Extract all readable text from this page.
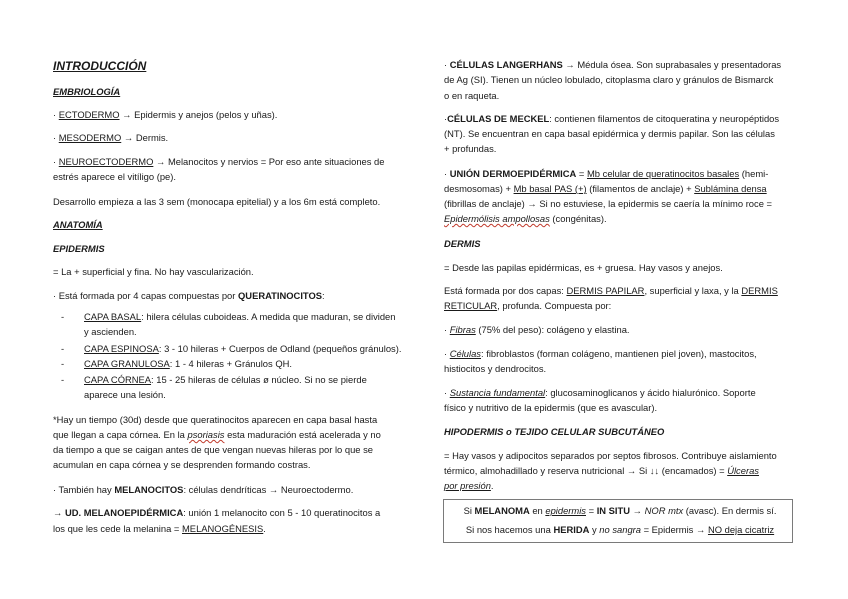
INTRODUCCIÓN
EMBRIOLOGÍA
· ECTODERMO → Epidermis y anejos (pelos y uñas).
· MESODERMO → Dermis.
· NEUROECTODERMO → Melanocitos y nervios = Por eso ante situaciones de
estrés aparece el vitíligo (pe).
Desarrollo empieza a las 3 sem (monocapa epitelial) y a los 6m está completo.
ANATOMÍA
EPIDERMIS
= La + superficial y fina. No hay vascularización.
· Está formada por 4 capas compuestas por QUERATINOCITOS:
- CAPA BASAL: hilera células cuboideas. A medida que maduran, se dividen
y ascienden.
- CAPA ESPINOSA: 3 - 10 hileras + Cuerpos de Odland (pequeños gránulos).
- CAPA GRANULOSA: 1 - 4 hileras + Gránulos QH.
- CAPA CÓRNEA: 15 - 25 hileras de células ø núcleo. Si no se pierde
aparece una lesión.
*Hay un tiempo (30d) desde que queratinocitos aparecen en capa basal hasta
que llegan a capa córnea. En la psoriasis esta maduración está acelerada y no
da tiempo a que se caigan antes de que vengan nuevas hileras por lo que se
acumulan en capa córnea y se desprenden formando costras.
· También hay MELANOCITOS: células dendríticas → Neuroectodermo.
→ UD. MELANOEPIDÉRMICA: unión 1 melanocito con 5 - 10 queratinocitos a
los que les cede la melanina = MELANOGÉNESIS.
· CÉLULAS LANGERHANS → Médula ósea. Son suprabasales y presentadoras
de Ag (SI). Tienen un núcleo lobulado, citoplasma claro y gránulos de Bismarck
o en raqueta.
·CÉLULAS DE MECKEL: contienen filamentos de citoqueratina y neuropéptidos
(NT). Se encuentran en capa basal epidérmica y dermis papilar. Son las células
+ profundas.
· UNIÓN DERMOEPIDÉRMICA = Mb celular de queratinocitos basales (hemi-
desmosomas) + Mb basal PAS (+) (filamentos de anclaje) + Sublámina densa
(fibrillas de anclaje) → Si no estuviese, la epidermis se caería la mínimo roce =
Epidermólisis ampollosas (congénitas).
DERMIS
= Desde las papilas epidérmicas, es + gruesa. Hay vasos y anejos.
Está formada por dos capas: DERMIS PAPILAR, superficial y laxa, y la DERMIS
RETICULAR, profunda. Compuesta por:
· Fibras (75% del peso): colágeno y elastina.
· Células: fibroblastos (forman colágeno, mantienen piel joven), mastocitos,
histiocitos y dendrocitos.
· Sustancia fundamental: glucosaminoglicanos y ácido hialurónico. Soporte
físico y nutritivo de la epidermis (que es avascular).
HIPODERMIS o TEJIDO CELULAR SUBCUTÁNEO
= Hay vasos y adipocitos separados por septos fibrosos. Contribuye aislamiento
térmico, almohadillado y reserva nutricional → Si ↓↓ (encamados) = Úlceras
por presión.
Si MELANOMA en epidermis = IN SITU → NOR mtx (avasc). En dermis sí.
Si nos hacemos una HERIDA y no sangra = Epidermis → NO deja cicatriz
